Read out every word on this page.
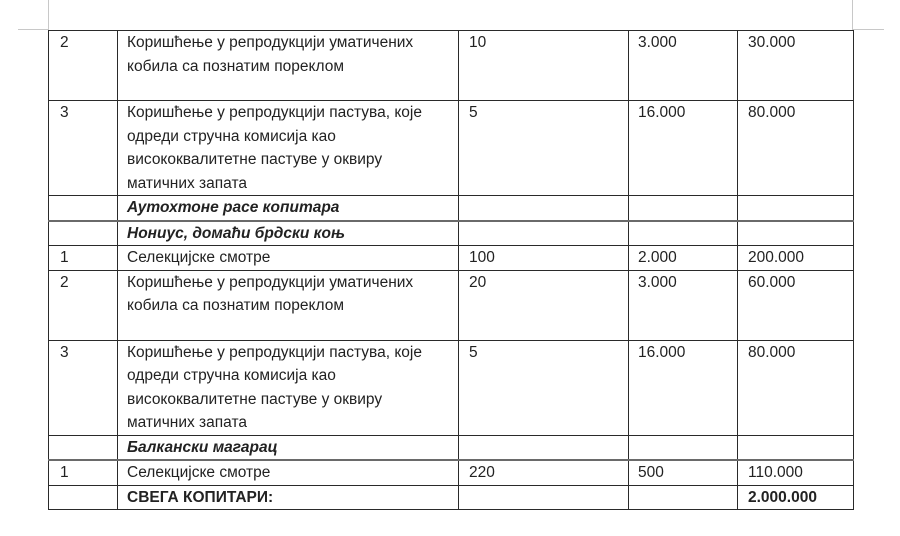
2	Коришћење у репродукцији уматичених кобила са познатим пореклом	10	3.000	30.000
3	Коришћење у репродукцији пастува, које одреди стручна комисија као висококвалитетне пастуве у оквиру матичних запата	5	16.000	80.000
	Аутохтоне расе копитара			
	Нониус, домаћи брдски коњ			
1	Селекцијске смотре	100	2.000	200.000
2	Коришћење у репродукцији уматичених кобила са познатим пореклом	20	3.000	60.000
3	Коришћење у репродукцији пастува, које одреди стручна комисија као висококвалитетне пастуве у оквиру матичних запата	5	16.000	80.000
	Балкански магарац			
1	Селекцијске смотре	220	500	110.000
	СВЕГА КОПИТАРИ:			2.000.000
